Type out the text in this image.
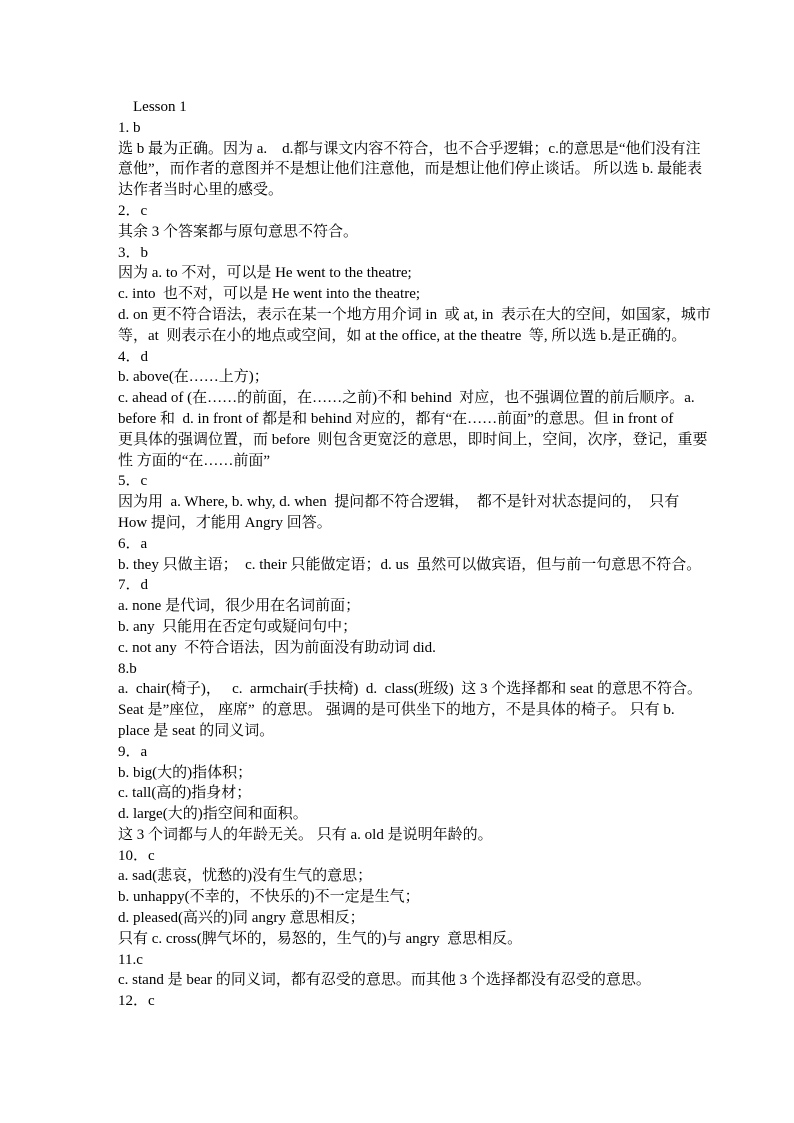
Lesson 1
1. b
选 b 最为正确。因为 a.    d.都与课文内容不符合，也不合乎逻辑；c.的意思是“他们没有注
意他”，而作者的意图并不是想让他们注意他，而是想让他们停止谈话。 所以选 b. 最能表
达作者当时心里的感受。
2．c
其余 3 个答案都与原句意思不符合。
3．b
因为 a. to 不对，可以是 He went to the theatre;
c. into  也不对，可以是 He went into the theatre;
d. on 更不符合语法，表示在某一个地方用介词 in  或 at, in  表示在大的空间，如国家，城市
等，at  则表示在小的地点或空间，如 at the office, at the theatre  等, 所以选 b.是正确的。
4．d
b. above(在……上方)；
c. ahead of (在……的前面，在……之前)不和 behind  对应，也不强调位置的前后顺序。a.
before 和  d. in front of 都是和 behind 对应的，都有“在……前面”的意思。但 in front of
更具体的强调位置，而 before  则包含更宽泛的意思，即时间上，空间，次序，登记，重要
性 方面的“在……前面”
5．c
因为用  a. Where, b. why, d. when  提问都不符合逻辑，  都不是针对状态提问的，  只有
How 提问，才能用 Angry 回答。
6．a
b. they 只做主语；  c. their 只能做定语；d. us  虽然可以做宾语，但与前一句意思不符合。
7．d
a. none 是代词，很少用在名词前面；
b. any  只能用在否定句或疑问句中；
c. not any  不符合语法，因为前面没有助动词 did.
8.b
a.  chair(椅子)，   c.  armchair(手扶椅)  d.  class(班级)  这 3 个选择都和 seat 的意思不符合。
Seat 是”座位， 座席”  的意思。 强调的是可供坐下的地方，不是具体的椅子。 只有 b.
place 是 seat 的同义词。
9．a
b. big(大的)指体积；
c. tall(高的)指身材；
d. large(大的)指空间和面积。
这 3 个词都与人的年龄无关。 只有 a. old 是说明年龄的。
10．c
a. sad(悲哀，忧愁的)没有生气的意思；
b. unhappy(不幸的，不快乐的)不一定是生气；
d. pleased(高兴的)同 angry 意思相反；
只有 c. cross(脾气坏的，易怒的，生气的)与 angry  意思相反。
11.c
c. stand 是 bear 的同义词，都有忍受的意思。而其他 3 个选择都没有忍受的意思。
12．c
